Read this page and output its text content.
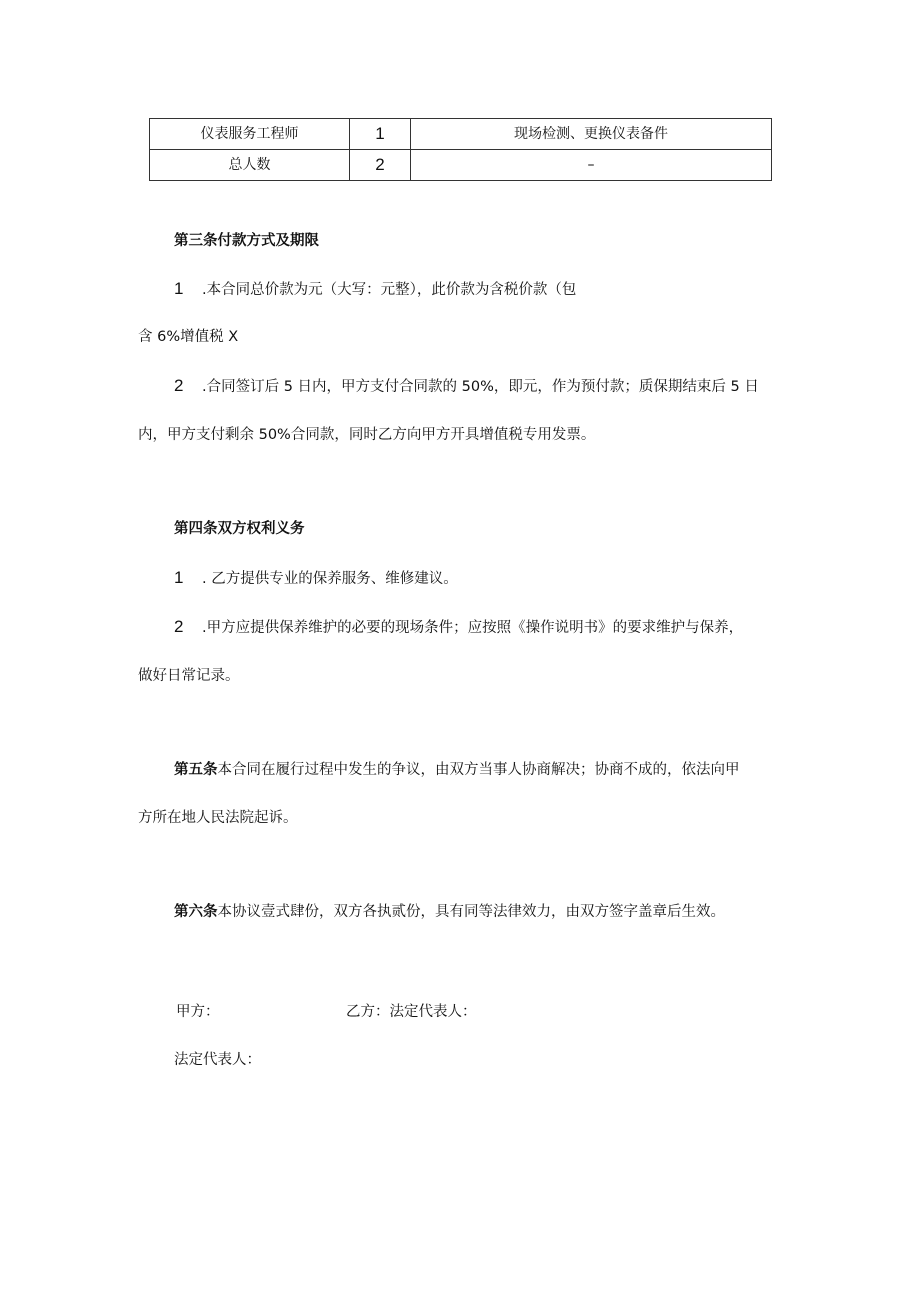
仪表服务工程师	1	现场检测、更换仪表备件
总人数	2	–
第三条付款方式及期限
1 .本合同总价款为元（大写：元整），此价款为含税价款（包
含 6%增值税 X
2 .合同签订后 5 日内，甲方支付合同款的 50%，即元，作为预付款；质保期结束后 5 日
内，甲方支付剩余 50%合同款，同时乙方向甲方开具增值税专用发票。
第四条双方权利义务
1 . 乙方提供专业的保养服务、维修建议。
2 .甲方应提供保养维护的必要的现场条件；应按照《操作说明书》的要求维护与保养，
做好日常记录。
第五条本合同在履行过程中发生的争议，由双方当事人协商解决；协商不成的，依法向甲
方所在地人民法院起诉。
第六条本协议壹式肆份，双方各执贰份，具有同等法律效力，由双方签字盖章后生效。
甲方：	乙方：法定代表人：
法定代表人：
